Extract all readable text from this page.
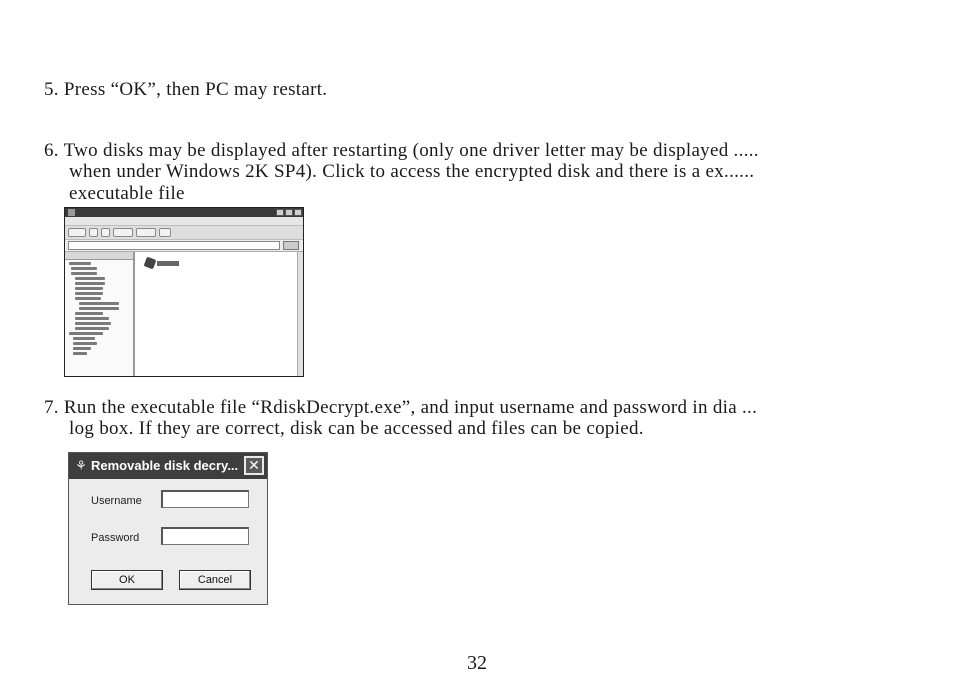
5. Press “OK”, then PC may restart.
6. Two disks may be displayed after restarting (only one driver letter may be displayed .....
when under Windows 2K SP4). Click to access the encrypted disk and there is a ex......
executable file
7. Run the executable file “RdiskDecrypt.exe”, and input username and password in dia ...
log box. If they are correct, disk can be accessed and files can be copied.
⚘ Removable disk decry... ✕
Username
Password
OK	Cancel
32
